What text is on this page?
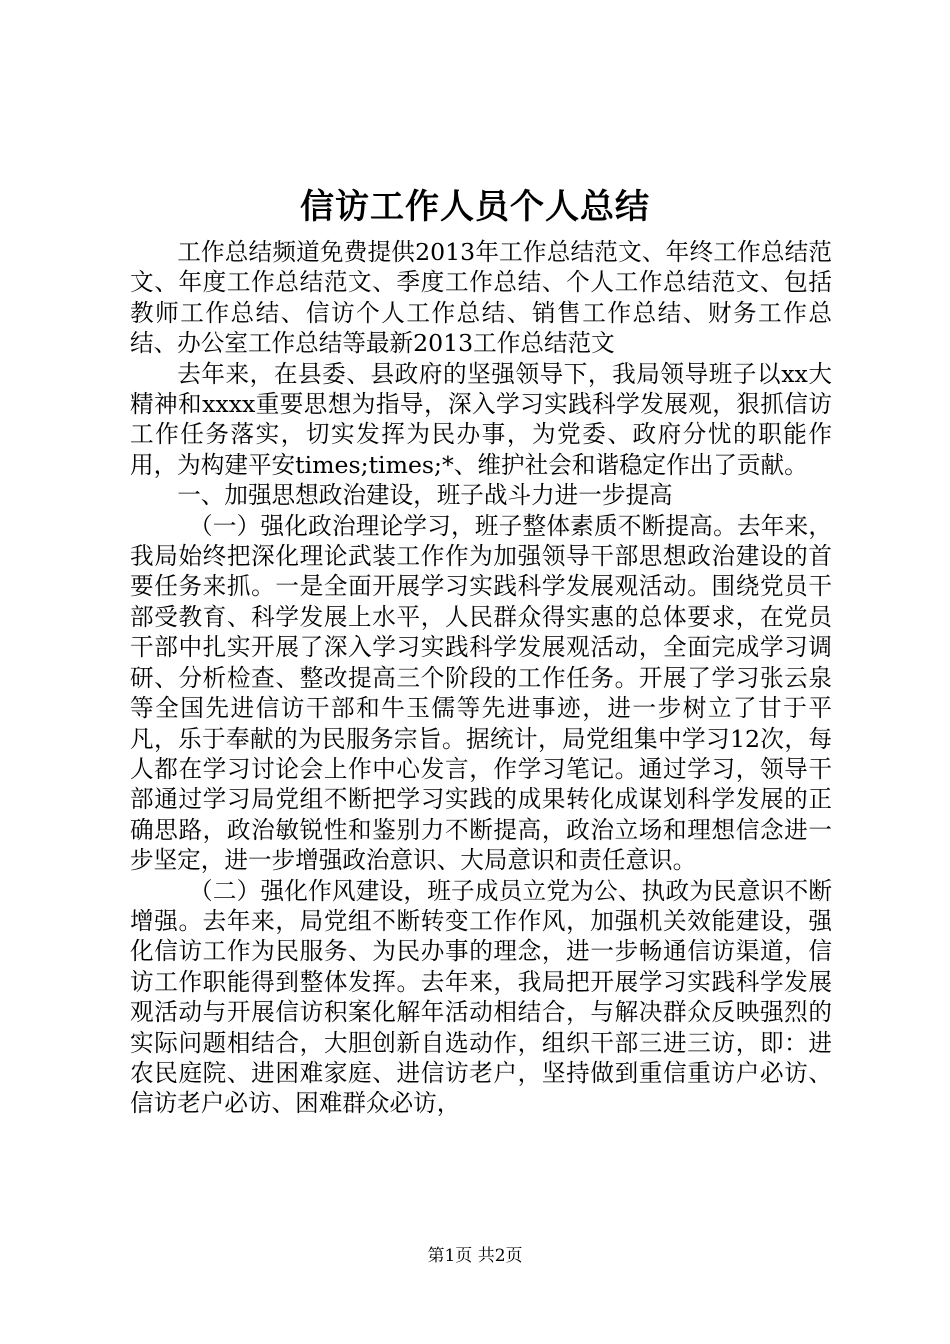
信访工作人员个人总结

工作总结频道免费提供2013年工作总结范文、年终工作总结范文、年度工作总结范文、季度工作总结、个人工作总结范文、包括教师工作总结、信访个人工作总结、销售工作总结、财务工作总结、办公室工作总结等最新2013工作总结范文

去年来，在县委、县政府的坚强领导下，我局领导班子以xx大精神和xxxx重要思想为指导，深入学习实践科学发展观，狠抓信访工作任务落实，切实发挥为民办事，为党委、政府分忧的职能作用，为构建平安times;times;*、维护社会和谐稳定作出了贡献。

一、加强思想政治建设，班子战斗力进一步提高

（一）强化政治理论学习，班子整体素质不断提高。去年来，我局始终把深化理论武装工作作为加强领导干部思想政治建设的首要任务来抓。一是全面开展学习实践科学发展观活动。围绕党员干部受教育、科学发展上水平，人民群众得实惠的总体要求，在党员干部中扎实开展了深入学习实践科学发展观活动，全面完成学习调研、分析检查、整改提高三个阶段的工作任务。开展了学习张云泉等全国先进信访干部和牛玉儒等先进事迹，进一步树立了甘于平凡，乐于奉献的为民服务宗旨。据统计，局党组集中学习12次，每人都在学习讨论会上作中心发言，作学习笔记。通过学习，领导干部通过学习局党组不断把学习实践的成果转化成谋划科学发展的正确思路，政治敏锐性和鉴别力不断提高，政治立场和理想信念进一步坚定，进一步增强政治意识、大局意识和责任意识。

（二）强化作风建设，班子成员立党为公、执政为民意识不断增强。去年来，局党组不断转变工作作风，加强机关效能建设，强化信访工作为民服务、为民办事的理念，进一步畅通信访渠道，信访工作职能得到整体发挥。去年来，我局把开展学习实践科学发展观活动与开展信访积案化解年活动相结合，与解决群众反映强烈的实际问题相结合，大胆创新自选动作，组织干部三进三访，即：进农民庭院、进困难家庭、进信访老户，坚持做到重信重访户必访、信访老户必访、困难群众必访，

第1页 共2页
